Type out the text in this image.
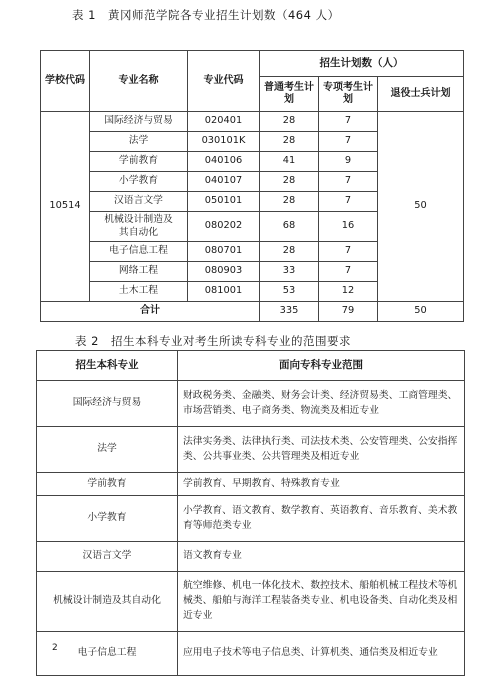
表 1　黄冈师范学院各专业招生计划数（464 人）
学校代码	专业名称	专业代码	招生计划数（人）		
			普通考生计划	专项考生计划	退役士兵计划
10514	国际经济与贸易	020401	28	7	50
	法学	030101K	28	7	
	学前教育	040106	41	9	
	小学教育	040107	28	7	
	汉语言文学	050101	28	7	
	机械设计制造及其自动化	080202	68	16	
	电子信息工程	080701	28	7	
	网络工程	080903	33	7	
	土木工程	081001	53	12	
合计			335	79	50
表 2　招生本科专业对考生所读专科专业的范围要求
招生本科专业	面向专科专业范围
国际经济与贸易	财政税务类、金融类、财务会计类、经济贸易类、工商管理类、市场营销类、电子商务类、物流类及相近专业
法学	法律实务类、法律执行类、司法技术类、公安管理类、公安指挥类、公共事业类、公共管理类及相近专业
学前教育	学前教育、早期教育、特殊教育专业
小学教育	小学教育、语文教育、数学教育、英语教育、音乐教育、美术教育等师范类专业
汉语言文学	语文教育专业
机械设计制造及其自动化	航空维修、机电一体化技术、数控技术、船舶机械工程技术等机械类、船舶与海洋工程装备类专业、机电设备类、自动化类及相近专业
电子信息工程	应用电子技术等电子信息类、计算机类、通信类及相近专业
2
